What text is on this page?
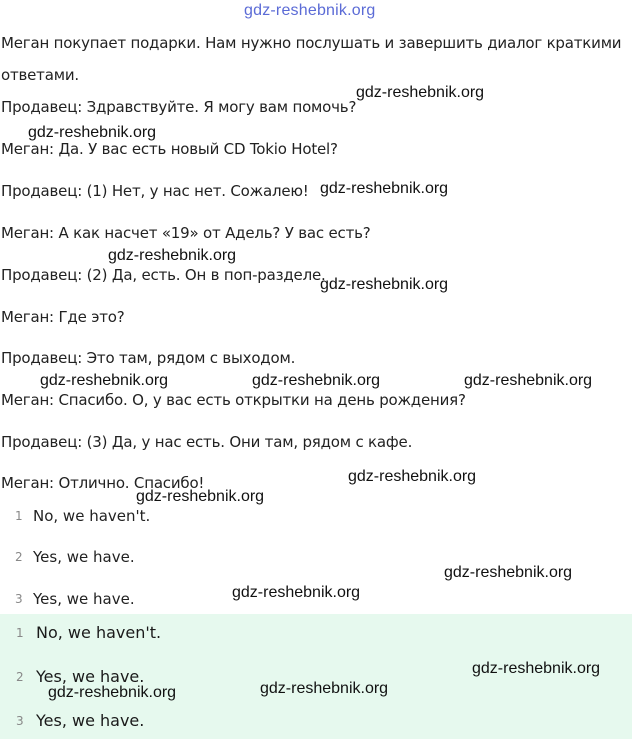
gdz-reshebnik.org
Меган покупает подарки. Нам нужно послушать и завершить диалог краткими
ответами.
Продавец: Здравствуйте. Я могу вам помочь?
Меган: Да. У вас есть новый CD Tokio Hotel?
Продавец: (1) Нет, у нас нет. Сожалею!
Меган: А как насчет «19» от Адель? У вас есть?
Продавец: (2) Да, есть. Он в поп-разделе.
Меган: Где это?
Продавец: Это там, рядом с выходом.
Меган: Спасибо. О, у вас есть открытки на день рождения?
Продавец: (3) Да, у нас есть. Они там, рядом с кафе.
Меган: Отлично. Спасибо!
1 No, we haven't.
2 Yes, we have.
3 Yes, we have.
1 No, we haven't.
2 Yes, we have.
3 Yes, we have.
gdz-reshebnik.org
gdz-reshebnik.org
gdz-reshebnik.org
gdz-reshebnik.org
gdz-reshebnik.org
gdz-reshebnik.org	gdz-reshebnik.org	gdz-reshebnik.org
gdz-reshebnik.org
gdz-reshebnik.org
gdz-reshebnik.org
gdz-reshebnik.org
gdz-reshebnik.org
gdz-reshebnik.org
gdz-reshebnik.org
